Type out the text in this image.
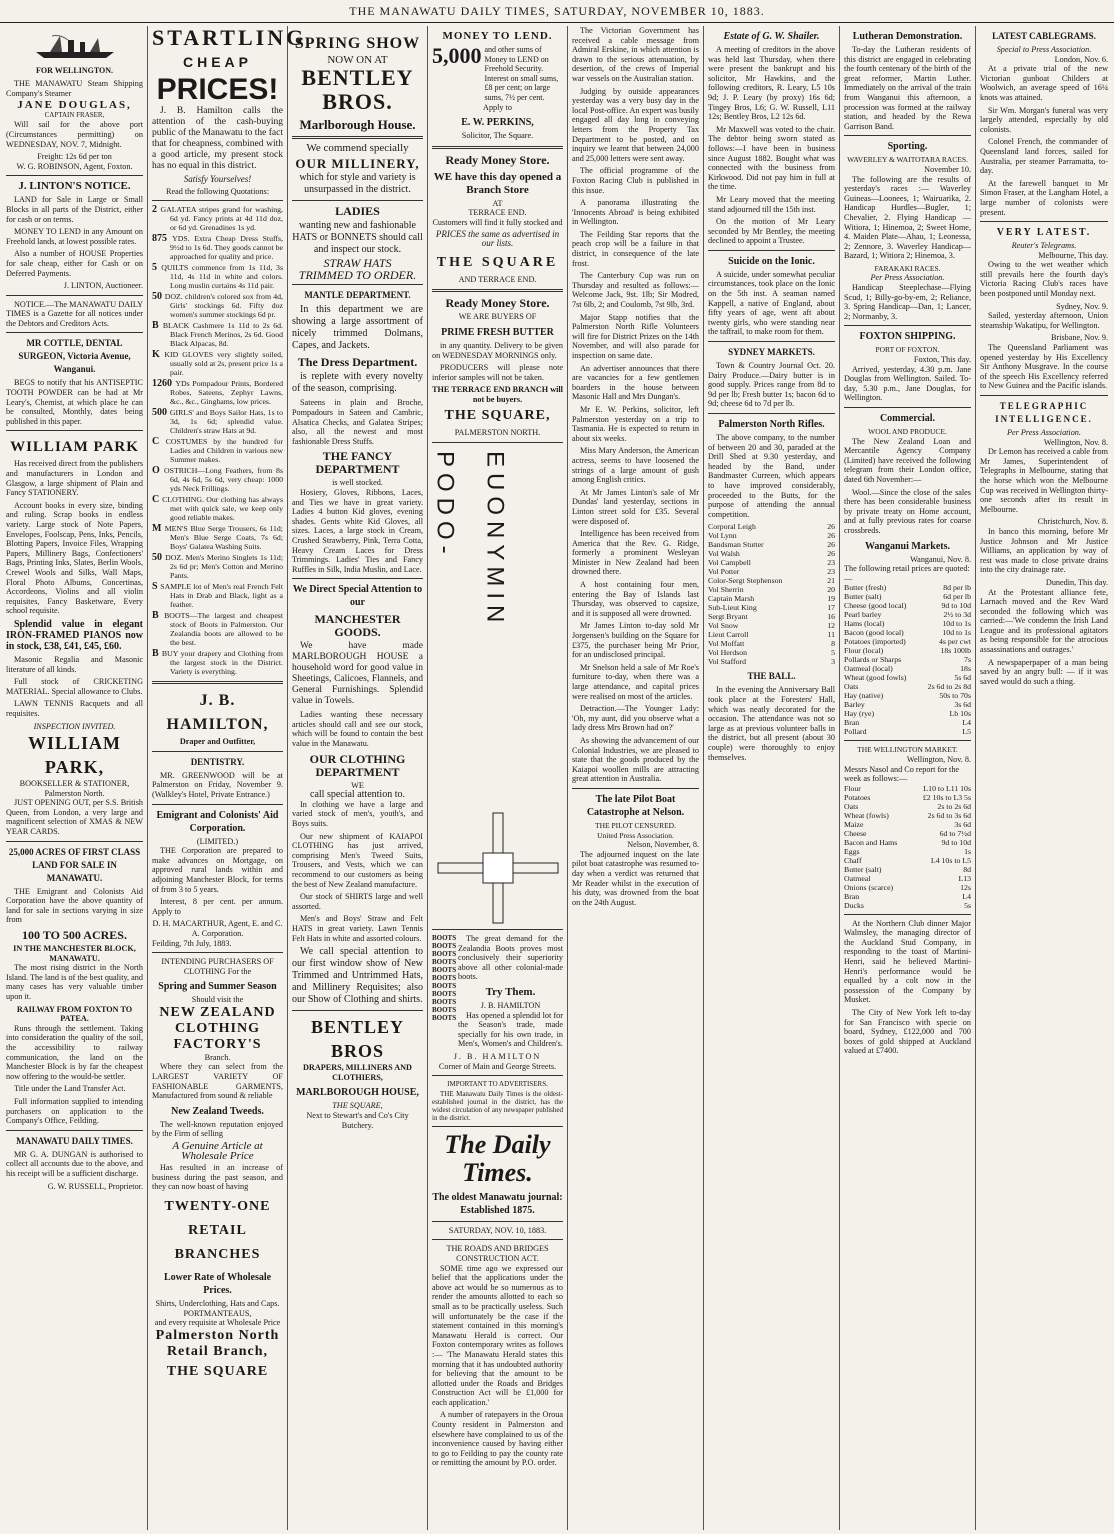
THE MANAWATU DAILY TIMES, SATURDAY, NOVEMBER 10, 1883.
FOR WELLINGTON.

THE MANAWATU Steam Shipping Company's Steamer

JANE DOUGLAS,
CAPTAIN FRASER,

Will sail for the above port (Circumstances permitting) on WEDNESDAY, NOV. 7, Midnight.

Freight: 12s 6d per ton
W. G. ROBINSON, Agent, Foxton.
J. LINTON'S NOTICE.

LAND for Sale in Large or Small Blocks in all parts of the District, either for cash or on terms.

MONEY TO LEND in any Amount on Freehold lands, at lowest possible rates.

Also a number of HOUSE Properties for sale cheap, either for Cash or on Deferred Payments.

J. LINTON, Auctioneer.

NOTICE.—The MANAWATU DAILY TIMES is a Gazette for all notices under the Debtors and Creditors Acts.

MR COTTLE, DENTAL SURGEON, Victoria Avenue, Wanganui.

BEGS to notify that his ANTISEPTIC TOOTH POWDER can be had at Mr Leary's, Chemist, at which place he can be consulted, Monthly, dates being published in this paper.

WILLIAM PARK

Has received direct from the publishers and manufacturers in London and Glasgow, a large shipment of Plain and Fancy STATIONERY.

Account books in every size, binding and ruling. Scrap books in endless variety. Large stock of Note Papers, Envelopes, Foolscap, Pens, Inks, Pencils, Blotting Papers, Invoice Files, Wrapping Papers, Millinery Bags, Confectioners' Bags, Printing Inks, Slates, Berlin Wools, Crewel Wools and Silks, Wall Maps, Floral Photo Albums, Concertinas, Accordeons, Violins and all violin requisites, Fancy Basketware, Every school requisite.

Splendid value in elegant IRON-FRAMED PIANOS now in stock, £38, £41, £45, £60.

Masonic Regalia and Masonic literature of all kinds.

Full stock of CRICKETING MATERIAL. Special allowance to Clubs.

LAWN TENNIS Racquets and all requisites.

INSPECTION INVITED.
WILLIAM PARK,
BOOKSELLER & STATIONER, Palmerston North.

JUST OPENING OUT, per S.S. British Queen, from London, a very large and magnificent selection of XMAS & NEW YEAR CARDS.

25,000 ACRES OF FIRST CLASS LAND FOR SALE IN MANAWATU.

THE Emigrant and Colonists Aid Corporation have the above quantity of land for sale in sections varying in size from

100 TO 500 ACRES.
IN THE MANCHESTER BLOCK, MANAWATU.

The most rising district in the North Island. The land is of the best quality, and many cases has very valuable timber upon it.

RAILWAY FROM FOXTON TO PATEA.

Runs through the settlement. Taking into consideration the quality of the soil, the accessibility to railway communication, the land on the Manchester Block is by far the cheapest now offering to the would-be settler.

Title under the Land Transfer Act.

Full information supplied to intending purchasers on application to the Company's Office, Feilding.

MANAWATU DAILY TIMES.

MR G. A. DUNGAN is authorised to collect all accounts due to the above, and his receipt will be a sufficient discharge.

G. W. RUSSELL, Proprietor.
STARTLING
CHEAP
PRICES!

J. B. Hamilton calls the attention of the cash-buying public of the Manawatu to the fact that for cheapness, combined with a good article, my present stock has no equal in this district.

Satisfy Yourselves!
Read the following Quotations:
2 GALATEA stripes grand for washing, 6d yd. Fancy prints at 4d 11d doz, or 6d yd. Grenadines 1s yd.
875 YDS. Extra Cheap Dress Stuffs, 9½d to 1s 6d. They goods cannot be approached for quality and price.
5 QUILTS commence from 1s 11d, 3s 11d, 4s 11d in white and colors. Long muslin curtains 4s 11d pair.
50 DOZ. children's colored sox from 4d, Girls' stockings 6d. Fifty doz women's summer stockings 6d pr.
B BLACK Cashmere 1s 11d to 2s 6d. Black French Merinos, 2s 6d. Good Black Alpacas, 8d.
K KID GLOVES very slightly soiled, usually sold at 2s, present price 1s a pair.
1260 YDs Pompadour Prints, Bordered Robes, Sateens, Zephyr Lawns, &c., &c., Ginghams, low prices.
500 GIRLS' and Boys Sailor Hats, 1s to 3d, 1s 6d; splendid value. Children's straw Hats at 9d.
C COSTUMES by the hundred for Ladies and Children in various new Summer makes.
O OSTRICH—Long Feathers, from 8s 6d, 4s 6d, 5s 6d, very cheap: 1000 yds Neck Frillings.
C CLOTHING. Our clothing has always met with quick sale, we keep only good reliable makes.
M MEN'S Blue Serge Trousers, 6s 11d; Men's Blue Serge Coats, 7s 6d; Boys' Galatea Washing Suits.
50 DOZ. Men's Merino Singlets 1s 11d; 2s 6d pr; Men's Cotton and Merino Pants.
S SAMPLE lot of Men's real French Felt Hats in Drab and Black, light as a feather.
B BOOTS—The largest and cheapest stock of Boots in Palmerston. Our Zealandia boots are allowed to be the best.
B BUY your drapery and Clothing from the largest stock in the District. Variety is everything.
J. B. HAMILTON,
Draper and Outfitter,
DENTISTRY.

MR. GREENWOOD will be at Palmerston on Friday, November 9. (Walkley's Hotel, Private Entrance.)

Emigrant and Colonists' Aid Corporation.
(LIMITED.)

THE Corporation are prepared to make advances on Mortgage, on approved rural lands within and adjoining Manchester Block, for terms of from 3 to 5 years.

Interest, 8 per cent. per annum. Apply to

D. H. MACARTHUR, Agent, E. and C. A. Corporation.
Feilding, 7th July, 1883.
INTENDING PURCHASERS OF CLOTHING For the
Spring and Summer Season
Should visit the
NEW ZEALAND CLOTHING FACTORY'S
Branch.

Where they can select from the LARGEST VARIETY OF FASHIONABLE GARMENTS, Manufactured from sound & reliable

New Zealand Tweeds.

The well-known reputation enjoyed by the Firm of selling

A Genuine Article at Wholesale Price

Has resulted in an increase of business during the past season, and they can now boast of having

TWENTY-ONE RETAIL
BRANCHES
Lower Rate of Wholesale Prices.
Shirts, Underclothing, Hats and Caps.
PORTMANTEAUS,
and every requisite at Wholesale Price
Palmerston North Retail Branch,
THE SQUARE
SPRING SHOW
NOW ON AT
BENTLEY BROS.
Marlborough House.
We commend specially
OUR MILLINERY,

which for style and variety is unsurpassed in the district.

LADIES

wanting new and fashionable HATS or BONNETS should call and inspect our stock.

STRAW HATS
TRIMMED TO ORDER.
MANTLE DEPARTMENT.

In this department we are showing a large assortment of nicely trimmed Dolmans, Capes, and Jackets.

The Dress Department.

is replete with every novelty of the season, comprising.

Sateens in plain and Broche, Pompadours in Sateen and Cambric, Alsatica Checks, and Galatea Stripes; also, all the newest and most fashionable Dress Stuffs.

THE FANCY DEPARTMENT
is well stocked.

Hosiery, Gloves, Ribbons, Laces, and Ties we have in great variety. Ladies 4 button Kid gloves, evening shades. Gents white Kid Gloves, all sizes. Laces, a large stock in Cream, Crushed Strawberry, Pink, Terra Cotta, Heavy Cream Laces for Dress Trimmings. Ladies' Ties and Fancy Ruffles in Silk, India Muslin, and Lace.

We Direct Special Attention to our
MANCHESTER GOODS.

We have made MARLBOROUGH HOUSE a household word for good value in Sheetings, Calicoes, Flannels, and General Furnishings. Splendid value in Towels.

Ladies wanting these necessary articles should call and see our stock, which will be found to contain the best value in the Manawatu.

OUR CLOTHING DEPARTMENT
WE
call special attention to.

In clothing we have a large and varied stock of men's, youth's, and Boys suits.

Our new shipment of KAIAPOI CLOTHING has just arrived, comprising Men's Tweed Suits, Trousers, and Vests, which we can recommend to our customers as being the best of New Zealand manufacture.

Our stock of SHIRTS large and well assorted.

Men's and Boys' Straw and Felt HATS in great variety. Lawn Tennis Felt Hats in white and assorted colours.

We call special attention to our first window show of New Trimmed and Untrimmed Hats, and Millinery Requisites; also our Show of Clothing and shirts.

BENTLEY BROS
DRAPERS, MILLINERS AND CLOTHIERS,
MARLBOROUGH HOUSE,
THE SQUARE,
Next to Stewart's and Co's City Butchery.
MONEY TO LEND.
5,000 and other sums of Money to LEND on Freehold Security. Interest on small sums, £8 per cent; on large sums, 7½ per cent.
Apply to
E. W. PERKINS,
Solicitor, The Square.
Ready Money Store.
WE have this day opened a Branch Store
AT
TERRACE END.
Customers will find it fully stocked and
PRICES the same as advertised in our lists.
THE SQUARE
AND TERRACE END.
Ready Money Store.
WE ARE BUYERS OF
PRIME FRESH BUTTER

in any quantity. Delivery to be given on WEDNESDAY MORNINGS only.

PRODUCERS will please note inferior samples will not be taken.

THE TERRACE END BRANCH will not be buyers.
THE SQUARE,
PALMERSTON NORTH.
PODO- EUONYMIN
BOOTS BOOTS BOOTS BOOTS BOOTS BOOTS BOOTS BOOTS BOOTS BOOTS BOOTS

The great demand for the Zealandia Boots proves most conclusively their superiority above all other colonial-made boots.

Try Them.
J. B. HAMILTON

Has opened a splendid lot for the Season's trade, made specially for his own trade, in Men's, Women's and Children's.

J. B. HAMILTON
Corner of Main and George Streets.
IMPORTANT TO ADVERTISERS.

THE Manawatu Daily Times is the oldest-established journal in the district, has the widest circulation of any newspaper published in the district.

The Daily Times.
The oldest Manawatu journal: Established 1875.
SATURDAY, NOV. 10, 1883.
THE ROADS AND BRIDGES CONSTRUCTION ACT.

SOME time ago we expressed our belief that the applications under the above act would be so numerous as to render the amounts allotted to each so small as to be practically useless. Such will unfortunately be the case if the statement contained in this morning's Manawatu Herald is correct. Our Foxton contemporary writes as follows :— 'The Manawatu Herald states this morning that it has undoubted authority for believing that the amount to be allotted under the Roads and Bridges Construction Act will be £1,000 for each application.'

A number of ratepayers in the Oroua County resident in Palmerston and elsewhere have complained to us of the inconvenience caused by having either to go to Feilding to pay the county rate or remitting the amount by P.O. order.

The Victorian Government has received a cable message from Admiral Erskine, in which attention is drawn to the serious attenuation, by desertion, of the crews of Imperial war vessels on the Australian station.

Judging by outside appearances yesterday was a very busy day in the local Post-office. An expert was busily engaged all day long in conveying letters from the Property Tax Department to be posted, and on inquiry we learnt that between 24,000 and 25,000 letters were sent away.

The official programme of the Foxton Racing Club is published in this issue.

A panorama illustrating the 'Innocents Abroad' is being exhibited in Wellington.

The Feilding Star reports that the peach crop will be a failure in that district, in consequence of the late frost.

The Canterbury Cup was run on Thursday and resulted as follows:—Welcome Jack, 9st. 1lb; Sir Modred, 7st 6lb, 2; and Coulomb, 7st 9lb, 3rd.

Major Stapp notifies that the Palmerston North Rifle Volunteers will fire for District Prizes on the 14th November, and will also parade for inspection on same date.

An advertiser announces that there are vacancies for a few gentlemen boarders in the house between Masonic Hall and Mrs Dungan's.

Mr E. W. Perkins, solicitor, left Palmerston yesterday on a trip to Tasmania. He is expected to return in about six weeks.

Miss Mary Anderson, the American actress, seems to have loosened the strings of a large amount of gush among English critics.

At Mr James Linton's sale of Mr Dundas' land yesterday, sections in Linton street sold for £35. Several were disposed of.

Intelligence has been received from America that the Rev. G. Ridge, formerly a prominent Wesleyan Minister in New Zealand had been drowned there.

A host containing four men, entering the Bay of Islands last Thursday, was observed to capsize, and it is supposed all were drowned.

Mr James Linton to-day sold Mr Jorgensen's building on the Square for £375, the purchaser being Mr Prior, for an undisclosed principal.

Mr Snelson held a sale of Mr Roe's furniture to-day, when there was a large attendance, and capital prices were realised on most of the articles.

Detraction.—The Younger Lady: 'Oh, my aunt, did you observe what a lady dress Mrs Brown had on?'

As showing the advancement of our Colonial Industries, we are pleased to state that the goods produced by the Kaiapoi woollen mills are attracting great attention in Australia.

The late Pilot Boat Catastrophe at Nelson.
THE PILOT CENSURED.
United Press Association.
Nelson, November, 8.

The adjourned inquest on the late pilot boat catastrophe was resumed to-day when a verdict was returned that Mr Reader whilst in the execution of his duty, was drowned from the boat on the 24th August.

Estate of G. W. Shailer.

A meeting of creditors in the above was held last Thursday, when there were present the bankrupt and his solicitor, Mr Hawkins, and the following creditors, R. Leary, L5 10s 9d; J. P. Leary (by proxy) 16s 6d; Tingey Bros, L6; G. W. Russell, L11 12s; Bentley Bros, L2 12s 6d.

Mr Maxwell was voted to the chair. The debtor being sworn stated as follows:—I have been in business since August 1882. Bought what was connected with the business from Kirkwood. Did not pay him in full at the time.

Mr Leary moved that the meeting stand adjourned till the 15th inst.

On the motion of Mr Leary seconded by Mr Bentley, the meeting declined to appoint a Trustee.

Suicide on the Ionic.

A suicide, under somewhat peculiar circumstances, took place on the Ionic on the 5th inst. A seaman named Kappell, a native of England, about fifty years of age, went aft about twenty girls, who were standing near the taffrail, to make room for them.

SYDNEY MARKETS.

Town & Country Journal Oct. 20. Dairy Produce.—Dairy butter is in good supply. Prices range from 8d to 9d per lb; Fresh butter 1s; bacon 6d to 9d; cheese 6d to 7d per lb.

Palmerston North Rifles.

The above company, to the number of between 20 and 30, paraded at the Drill Shed at 9.30 yesterday, and headed by the Band, under Bandmaster Curreen, which appears to have improved considerably, proceeded to the Butts, for the purpose of attending the annual competition.

Corporal Leigh	26
Vol Lynn	26
Bandsman Stutter	26
Vol Walsh	26
Vol Campbell	23
Vol Potter	23
Color-Sergt Stephenson	21
Vol Sherrin	20
Captain Marsh	19
Sub-Lieut King	17
Sergt Bryant	16
Vol Snow	12
Lieut Carroll	11
Vol Moffatt	8
Vol Herdson	5
Vol Stafford	3
THE BALL.

In the evening the Anniversary Ball took place at the Foresters' Hall, which was neatly decorated for the occasion. The attendance was not so large as at previous volunteer balls in the district, but all present (about 30 couple) were thoroughly to enjoy themselves.

Lutheran Demonstration.

To-day the Lutheran residents of this district are engaged in celebrating the fourth centenary of the birth of the great reformer, Martin Luther. Immediately on the arrival of the train from Wanganui this afternoon, a procession was formed at the railway station, and headed by the Rewa Garrison Band.

Sporting.
WAVERLEY & WAITOTARA RACES.
November 10.

The following are the results of yesterday's races :— Waverley Guineas—Loonees, 1; Wairuarika, 2. Handicap Hurdles—Bugler, 1; Chevalier, 2. Flying Handicap — Witiora, 1; Hinemoa, 2; Sweet Home, 4. Maiden Plate—Ahau, 1; Leonessa, 2; Zennore, 3. Waverley Handicap—Bazard, 1; Witiora 2; Hinemoa, 3.

FARAKAKI RACES.
Per Press Association.

Handicap Steeplechase—Flying Scud, 1; Billy-go-by-em, 2; Reliance, 3. Spring Handicap—Dan, 1; Lancer, 2; Normanby, 3.

FOXTON SHIPPING.
PORT OF FOXTON.
Foxton, This day.

Arrived, yesterday, 4.30 p.m. Jane Douglas from Wellington. Sailed. To-day, 5.30 p.m., Jane Douglas, for Wellington.

Commercial.
WOOL AND PRODUCE.

The New Zealand Loan and Mercantile Agency Company (Limited) have received the following telegram from their London office, dated 6th November:—

Wool.—Since the close of the sales there has been considerable business by private treaty on Home account, and at fully previous rates for coarse crossbreds.

Wanganui Markets.
Wanganui, Nov. 8.
The following retail prices are quoted:—
Butter (fresh)	8d per lb
Butter (salt)	6d per lb
Cheese (good local)	9d to 10d
Pearl barley	2½ to 3d
Hams (local)	10d to 1s
Bacon (good local)	10d to 1s
Potatoes (imported)	4s per cwt
Flour (local)	18s 100lb
Pollards or Sharps	7s
Oatmeal (local)	18s
Wheat (good fowls)	5s 6d
Oats	2s 6d to 2s 8d
Hay (native)	50s to 70s
Barley	3s 6d
Hay (rye)	Lb 10s
Bran	L4
Pollard	L5
THE WELLINGTON MARKET.
Wellington, Nov. 8.
Messrs Nasol and Co report for the week as follows:—
Flour	L10 to L11 10s
Potatoes	£2 10s to L3 5s
Oats	2s to 2s 6d
Wheat (fowls)	2s 6d to 3s 6d
Maize	3s 6d
Cheese	6d to 7½d
Bacon and Hams	9d to 10d
Eggs	1s
Chaff	L4 10s to L5
Butter (salt)	8d
Oatmeal	L13
Onions (scarce)	12s
Bran	L4
Ducks	5s

At the Northern Club dinner Major Walmsley, the managing director of the Auckland Stud Company, in responding to the toast of Martini-Henri, said he believed Martini-Henri's performance would be equalled by a colt now in the possession of the Company by Musket.

The City of New York left to-day for San Francisco with specie on board, Sydney, £122,000 and 700 boxes of gold shipped at Auckland valued at £7400.

LATEST CABLEGRAMS.
Special to Press Association.
London, Nov. 6.

At a private trial of the new Victorian gunboat Childers at Woolwich, an average speed of 16¼ knots was attained.

Sir Wm. Morgan's funeral was very largely attended, especially by old colonists.

Colonel French, the commander of Queensland land forces, sailed for Australia, per steamer Parramatta, to-day.

At the farewell banquet to Mr Simon Fraser, at the Langham Hotel, a large number of colonists were present.

VERY LATEST.
Reuter's Telegrams.
Melbourne, This day.

Owing to the wet weather which still prevails here the fourth day's Victoria Racing Club's races have been postponed until Monday next.

Sydney, Nov. 9.

Sailed, yesterday afternoon, Union steamship Wakatipu, for Wellington.

Brisbane, Nov. 9.

The Queensland Parliament was opened yesterday by His Excellency Sir Anthony Musgrave. In the course of the speech His Excellency referred to New Guinea and the Pacific islands.

TELEGRAPHIC INTELLIGENCE.
Per Press Association.
Wellington, Nov. 8.

Dr Lemon has received a cable from Mr James, Superintendent of Telegraphs in Melbourne, stating that the horse which won the Melbourne Cup was received in Wellington thirty-one seconds after its result in Melbourne.

Christchurch, Nov. 8.

In banco this morning, before Mr Justice Johnson and Mr Justice Williams, an application by way of rest was made to close private drains into the city drainage rate.

Dunedin, This day.

At the Protestant alliance fete, Larnach moved and the Rev Ward seconded the following which was carried:—'We condemn the Irish Land League and its professional agitators as being responsible for the atrocious assassinations and outrages.'

A newspaperpaper of a man being saved by an angry bull: — if it was saved would do such a thing.
